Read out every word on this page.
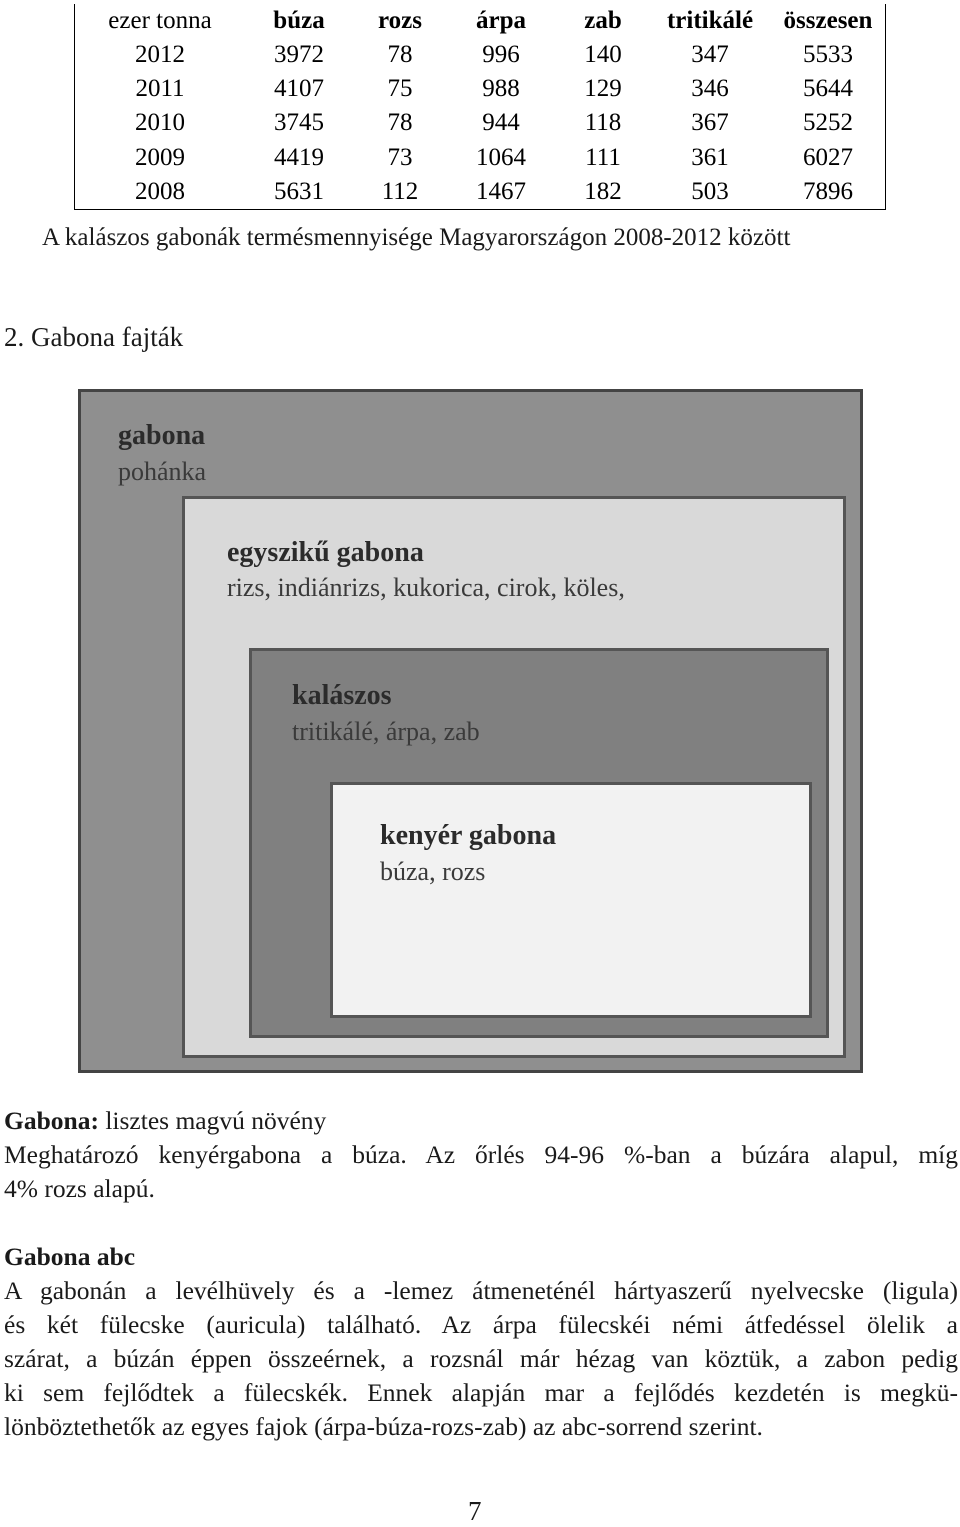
ezer tonna	búza	rozs	árpa	zab	tritikálé	összesen
2012	3972	78	996	140	347	5533
2011	4107	75	988	129	346	5644
2010	3745	78	944	118	367	5252
2009	4419	73	1064	111	361	6027
2008	5631	112	1467	182	503	7896
A kalászos gabonák termésmennyisége Magyarországon 2008-2012 között
2. Gabona fajták
gabona
pohánka
egyszikű gabona
rizs, indiánrizs, kukorica, cirok, köles,
kalászos
tritikálé, árpa, zab
kenyér gabona
búza, rozs
Gabona: lisztes magvú növény
Meghatározó kenyérgabona a búza. Az őrlés 94-96 %-ban a búzára alapul, míg
4% rozs alapú.
Gabona abc
A gabonán a levélhüvely és a -lemez átmeneténél hártyaszerű nyelvecske (ligula)
és két fülecske (auricula) található. Az árpa fülecskéi némi átfedéssel ölelik a
szárat, a búzán éppen összeérnek, a rozsnál már hézag van köztük, a zabon pedig
ki sem fejlődtek a fülecskék. Ennek alapján mar a fejlődés kezdetén is megkü-
lönböztethetők az egyes fajok (árpa-búza-rozs-zab) az abc-sorrend szerint.
7
